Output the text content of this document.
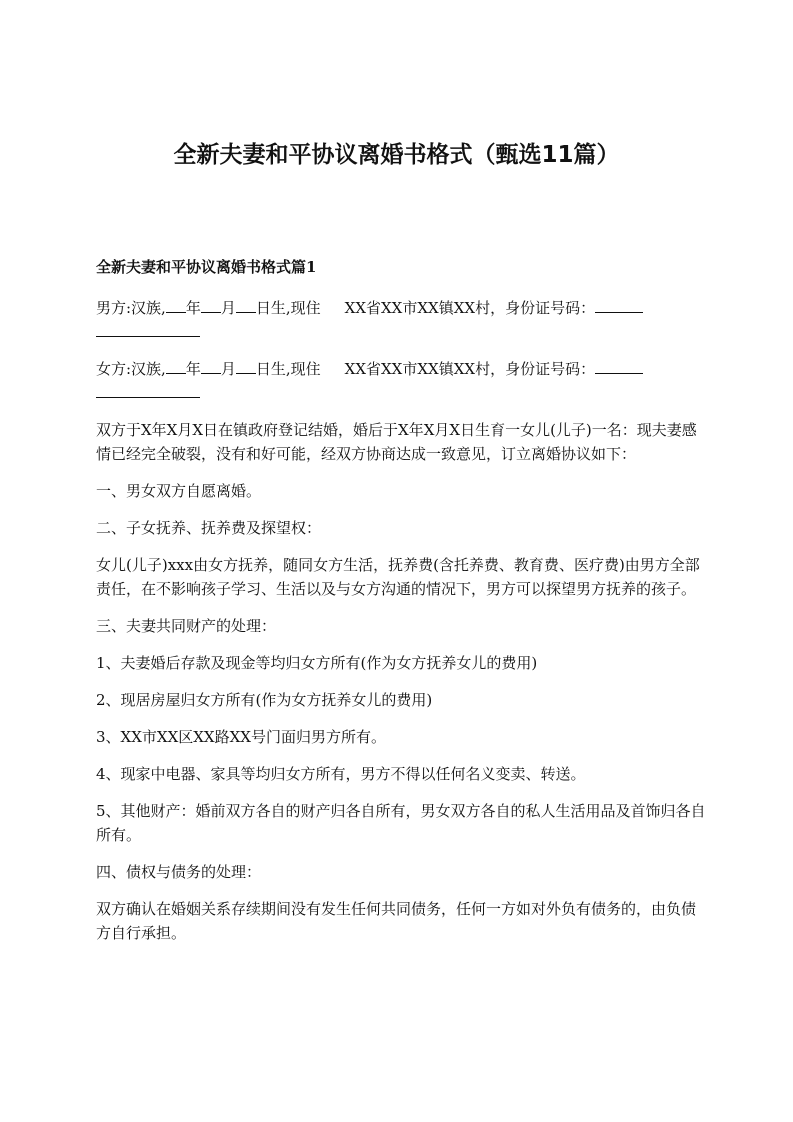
全新夫妻和平协议离婚书格式（甄选11篇）

全新夫妻和平协议离婚书格式篇1

男方:汉族, 年 月 日生,现住 XX省XX市XX镇XX村，身份证号码：

女方:汉族, 年 月 日生,现住 XX省XX市XX镇XX村，身份证号码：

双方于X年X月X日在镇政府登记结婚，婚后于X年X月X日生育一女儿(儿子)一名：现夫妻感情已经完全破裂，没有和好可能，经双方协商达成一致意见，订立离婚协议如下：

一、男女双方自愿离婚。

二、子女抚养、抚养费及探望权：

女儿(儿子)xxx由女方抚养，随同女方生活，抚养费(含托养费、教育费、医疗费)由男方全部责任，在不影响孩子学习、生活以及与女方沟通的情况下，男方可以探望男方抚养的孩子。

三、夫妻共同财产的处理：

1、夫妻婚后存款及现金等均归女方所有(作为女方抚养女儿的费用)

2、现居房屋归女方所有(作为女方抚养女儿的费用)

3、XX市XX区XX路XX号门面归男方所有。

4、现家中电器、家具等均归女方所有，男方不得以任何名义变卖、转送。

5、其他财产：婚前双方各自的财产归各自所有，男女双方各自的私人生活用品及首饰归各自所有。

四、债权与债务的处理：

双方确认在婚姻关系存续期间没有发生任何共同债务，任何一方如对外负有债务的，由负债方自行承担。
